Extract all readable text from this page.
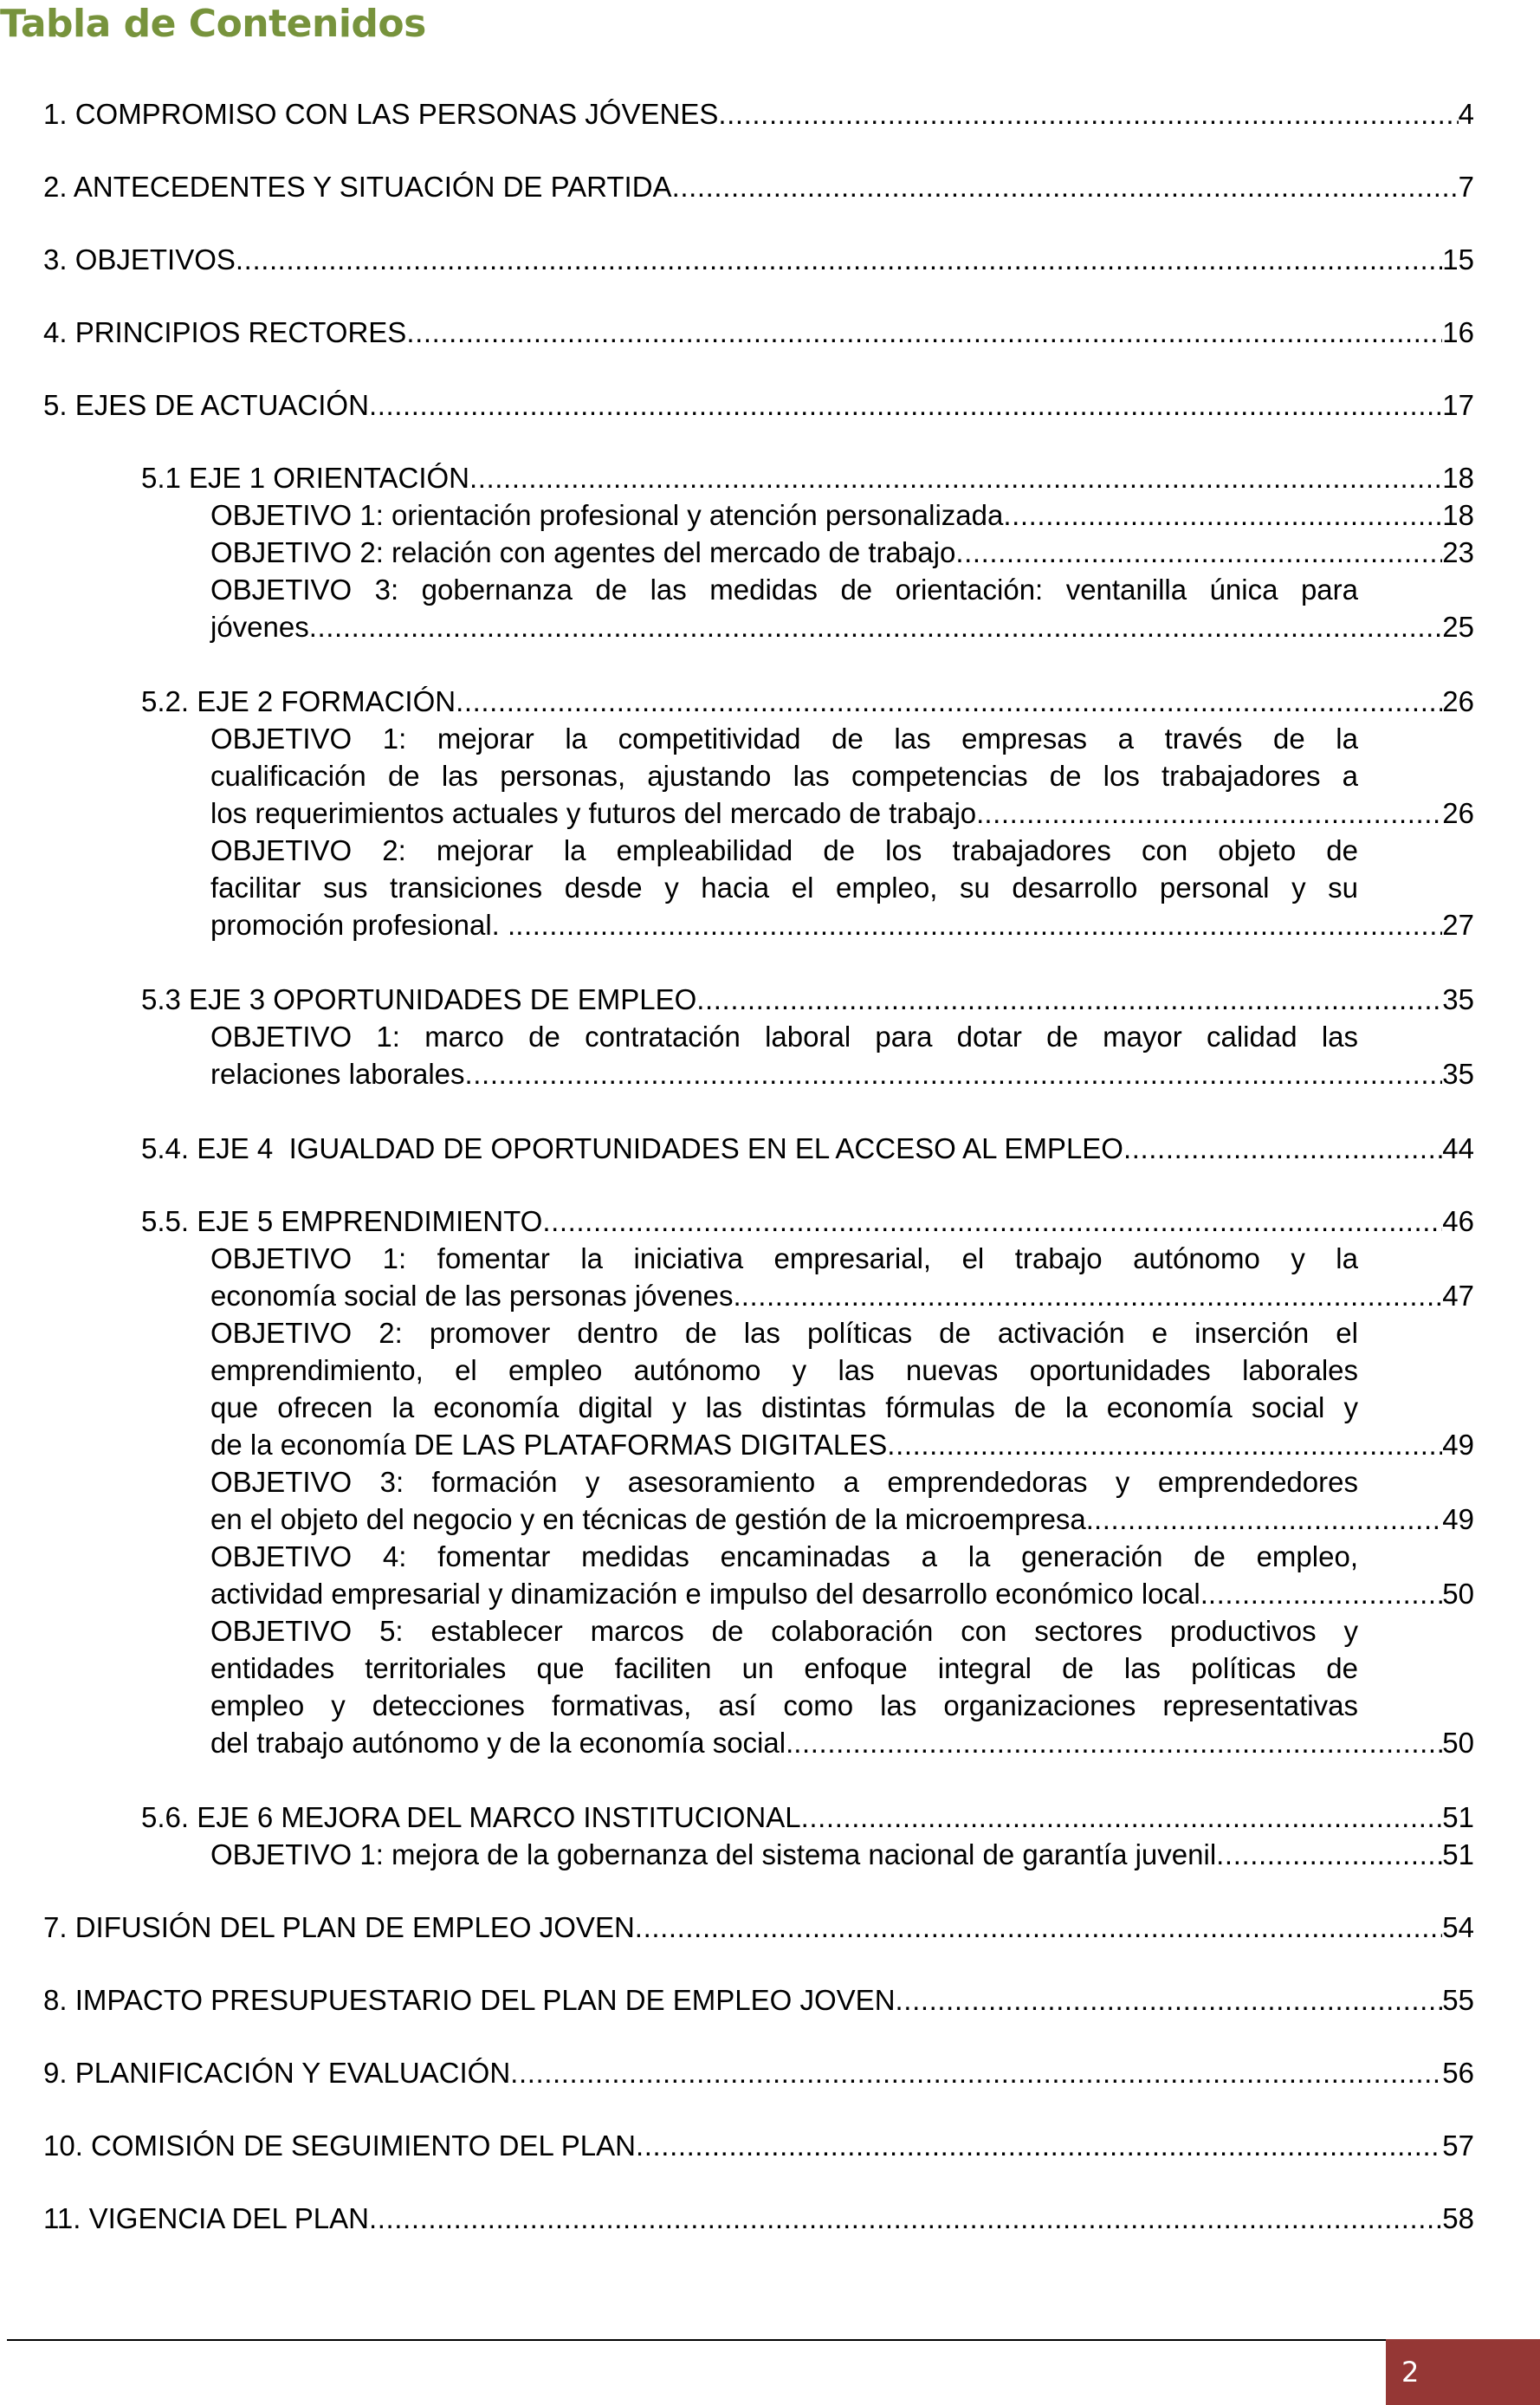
Tabla de Contenidos
1. COMPROMISO CON LAS PERSONAS JÓVENES .....	4
2. ANTECEDENTES Y SITUACIÓN DE PARTIDA .....	7
3. OBJETIVOS .....	15
4. PRINCIPIOS RECTORES .....	16
5. EJES DE ACTUACIÓN .....	17
5.1 EJE 1 ORIENTACIÓN .....	18
OBJETIVO 1: orientación profesional y atención personalizada .....	18
OBJETIVO 2: relación con agentes del mercado de trabajo .....	23
OBJETIVO 3: gobernanza de las medidas de orientación: ventanilla única para
jóvenes .....	25
5.2. EJE 2 FORMACIÓN .....	26
OBJETIVO 1: mejorar la competitividad de las empresas a través de la
cualificación de las personas, ajustando las competencias de los trabajadores a
los requerimientos actuales y futuros del mercado de trabajo. .....	26
OBJETIVO 2: mejorar la empleabilidad de los trabajadores con objeto de
facilitar sus transiciones desde y hacia el empleo, su desarrollo personal y su
promoción profesional. . .....	27
5.3 EJE 3 OPORTUNIDADES DE EMPLEO .....	35
OBJETIVO 1: marco de contratación laboral para dotar de mayor calidad las
relaciones laborales .....	35
5.4. EJE 4  IGUALDAD DE OPORTUNIDADES EN EL ACCESO AL EMPLEO .....	44
5.5. EJE 5 EMPRENDIMIENTO .....	46
OBJETIVO 1: fomentar la iniciativa empresarial, el trabajo autónomo y la
economía social de las personas jóvenes. .....	47
OBJETIVO 2: promover dentro de las políticas de activación e inserción el
emprendimiento, el empleo autónomo y las nuevas oportunidades laborales
que ofrecen la economía digital y las distintas fórmulas de la economía social y
de la economía DE LAS PLATAFORMAS DIGITALES .....	49
OBJETIVO 3: formación y asesoramiento a emprendedoras y emprendedores
en el objeto del negocio y en técnicas de gestión de la microempresa. .....	49
OBJETIVO 4: fomentar medidas encaminadas a la generación de empleo,
actividad empresarial y dinamización e impulso del desarrollo económico local. .....	50
OBJETIVO 5: establecer marcos de colaboración con sectores productivos y
entidades territoriales que faciliten un enfoque integral de las políticas de
empleo y detecciones formativas, así como las organizaciones representativas
del trabajo autónomo y de la economía social. .....	50
5.6. EJE 6 MEJORA DEL MARCO INSTITUCIONAL .....	51
OBJETIVO 1: mejora de la gobernanza del sistema nacional de garantía juvenil .....	51
7. DIFUSIÓN DEL PLAN DE EMPLEO JOVEN .....	54
8. IMPACTO PRESUPUESTARIO DEL PLAN DE EMPLEO JOVEN .....	55
9. PLANIFICACIÓN Y EVALUACIÓN .....	56
10. COMISIÓN DE SEGUIMIENTO DEL PLAN .....	57
11. VIGENCIA DEL PLAN .....	58
2
